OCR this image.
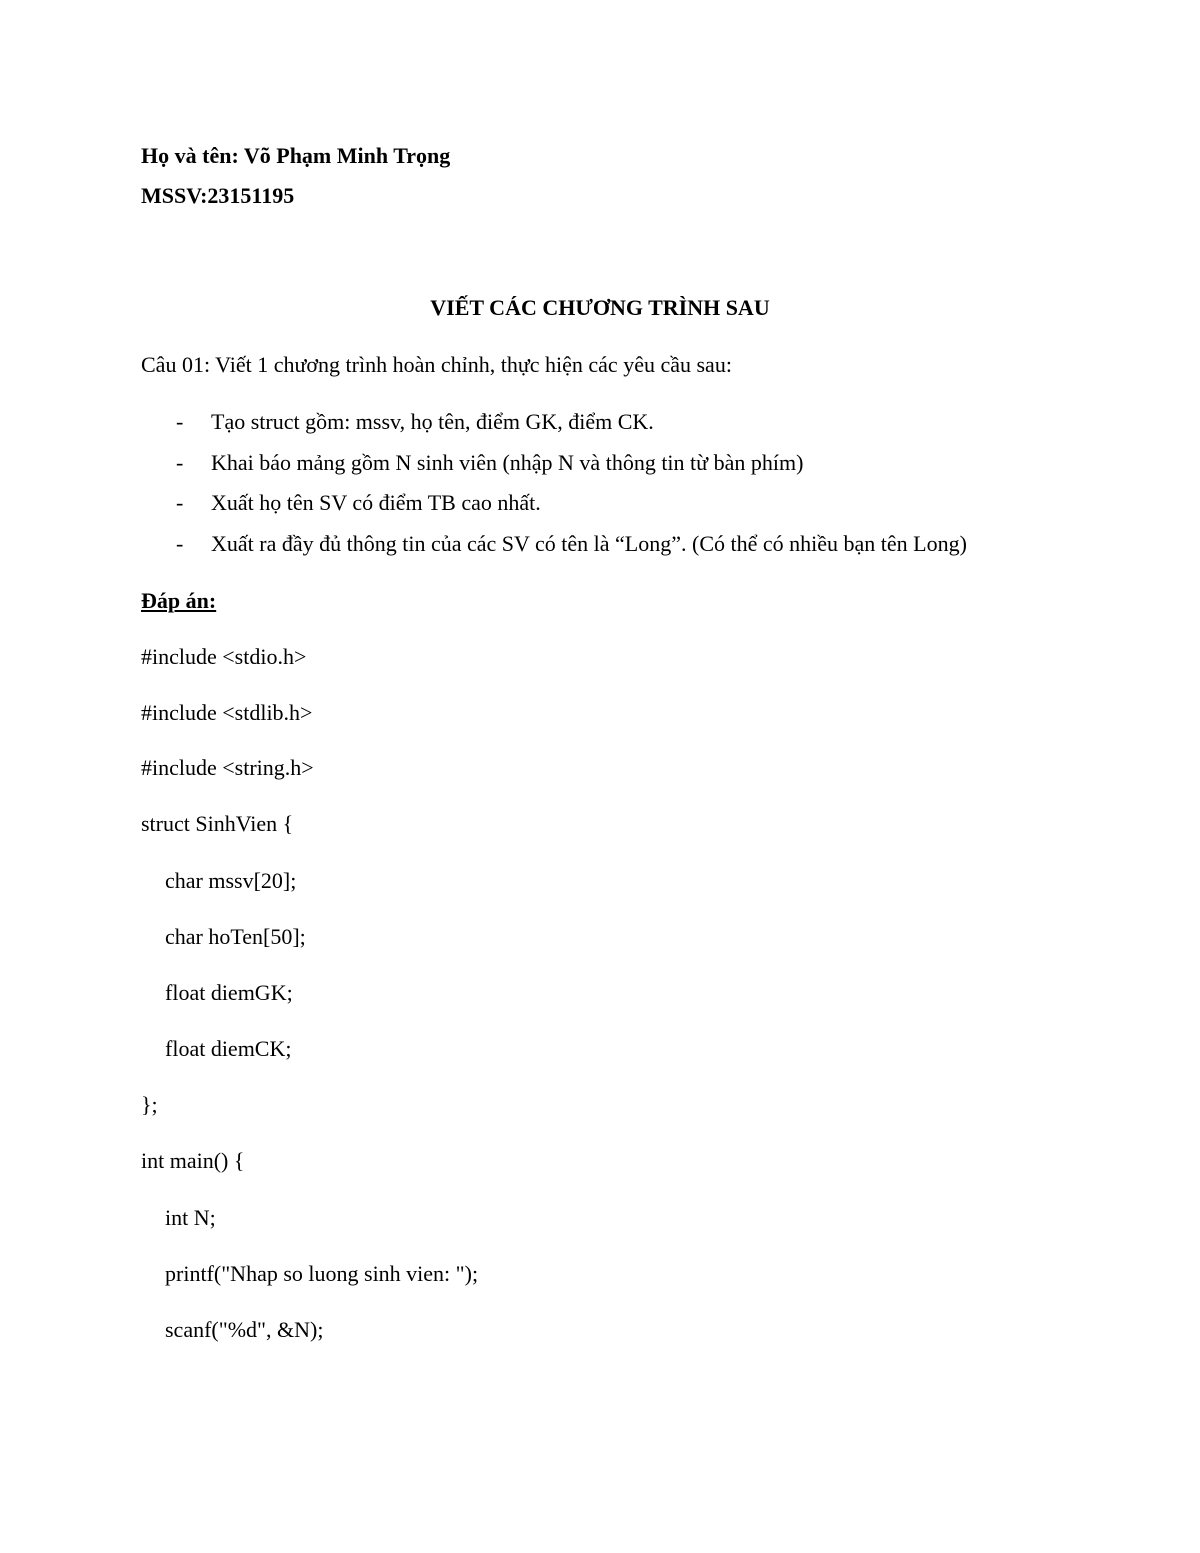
Họ và tên: Võ Phạm Minh Trọng
MSSV:23151195
VIẾT CÁC CHƯƠNG TRÌNH SAU
Câu 01: Viết 1 chương trình hoàn chỉnh, thực hiện các yêu cầu sau:
- Tạo struct gồm: mssv, họ tên, điểm GK, điểm CK.
- Khai báo mảng gồm N sinh viên (nhập N và thông tin từ bàn phím)
- Xuất họ tên SV có điểm TB cao nhất.
- Xuất ra đầy đủ thông tin của các SV có tên là “Long”. (Có thể có nhiều bạn tên Long)
Đáp án:
#include <stdio.h>
#include <stdlib.h>
#include <string.h>
struct SinhVien {
char mssv[20];
char hoTen[50];
float diemGK;
float diemCK;
};
int main() {
int N;
printf("Nhap so luong sinh vien: ");
scanf("%d", &N);
